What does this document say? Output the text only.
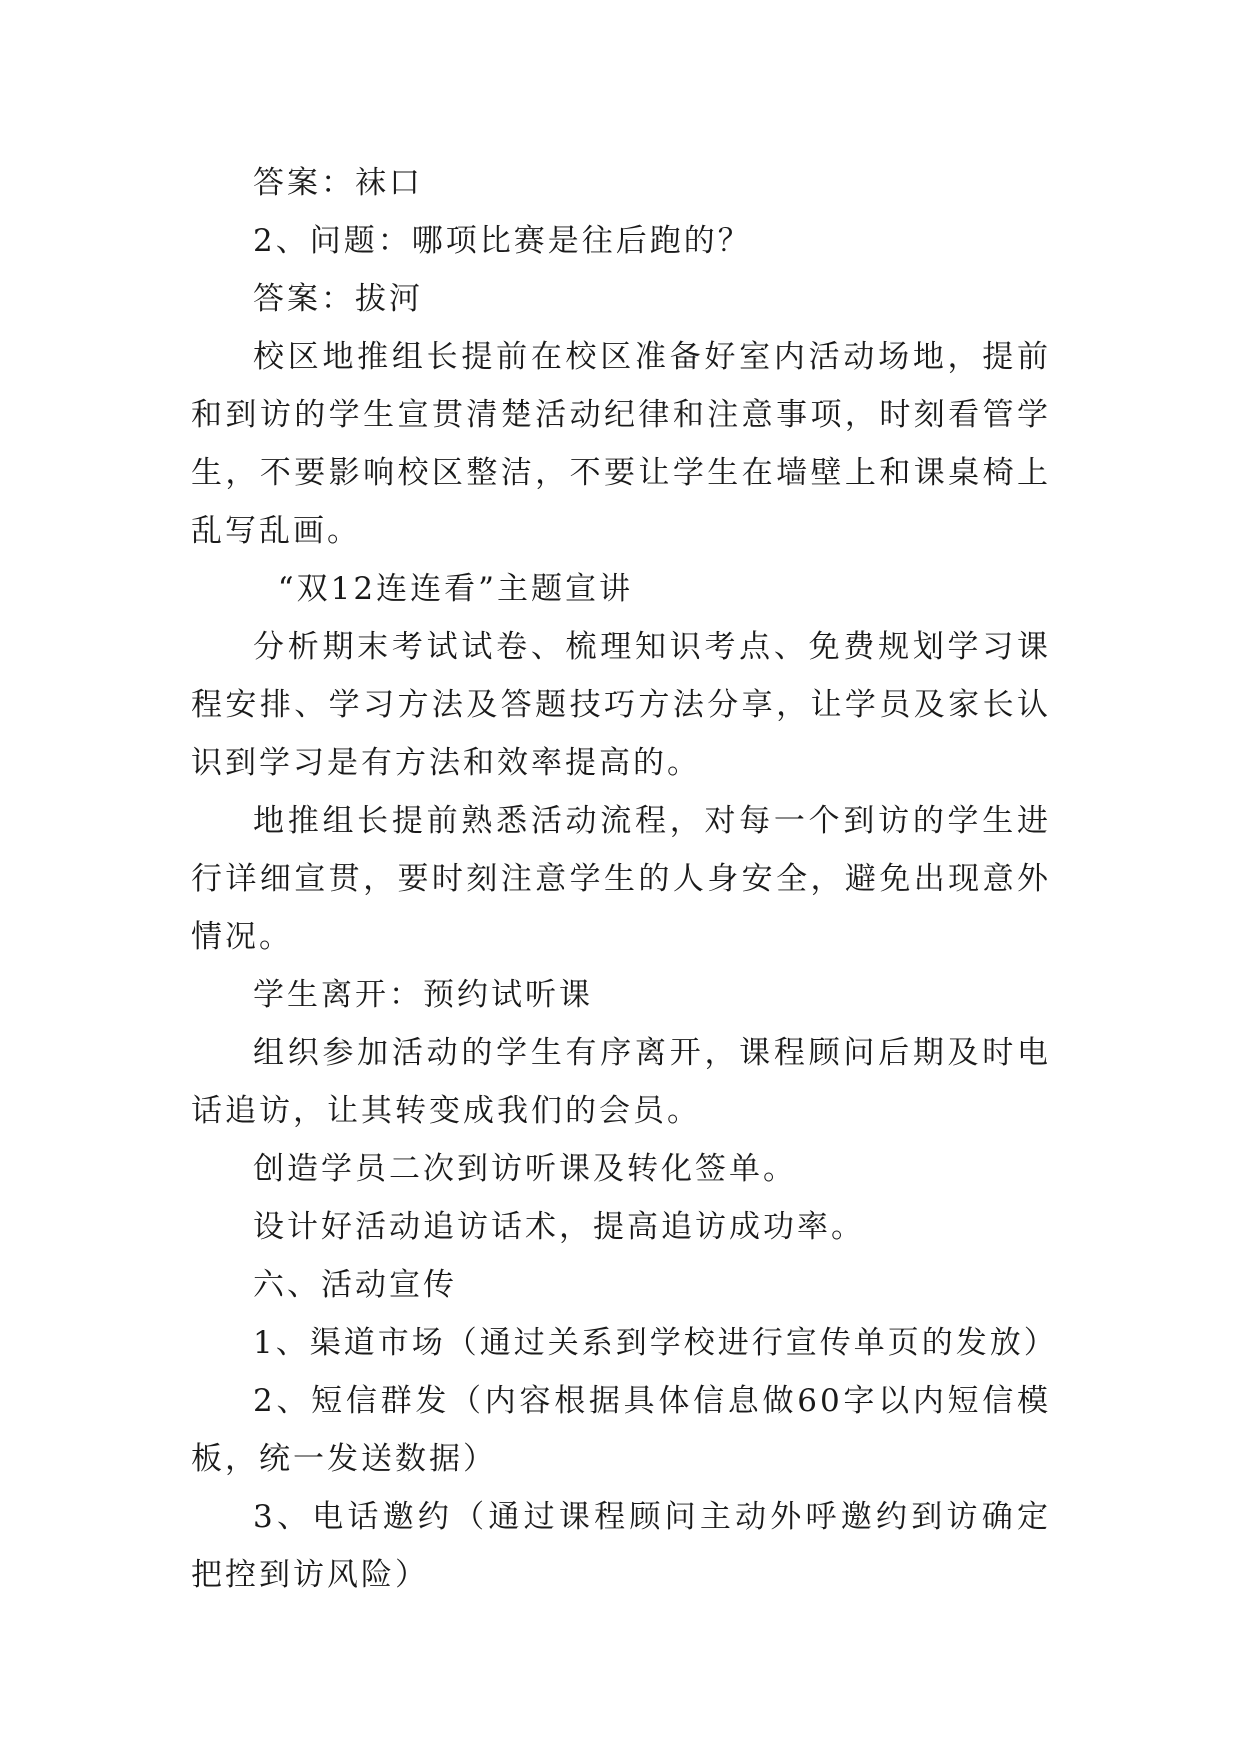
答案：袜口

2、问题：哪项比赛是往后跑的？

答案：拔河

校区地推组长提前在校区准备好室内活动场地，提前和到访的学生宣贯清楚活动纪律和注意事项，时刻看管学生，不要影响校区整洁，不要让学生在墙壁上和课桌椅上乱写乱画。

“双12连连看”主题宣讲

分析期末考试试卷、梳理知识考点、免费规划学习课程安排、学习方法及答题技巧方法分享，让学员及家长认识到学习是有方法和效率提高的。

地推组长提前熟悉活动流程，对每一个到访的学生进行详细宣贯，要时刻注意学生的人身安全，避免出现意外情况。

学生离开：预约试听课

组织参加活动的学生有序离开，课程顾问后期及时电话追访，让其转变成我们的会员。

创造学员二次到访听课及转化签单。

设计好活动追访话术，提高追访成功率。

六、活动宣传

1、渠道市场（通过关系到学校进行宣传单页的发放）

2、短信群发（内容根据具体信息做60字以内短信模板，统一发送数据）

3、电话邀约（通过课程顾问主动外呼邀约到访确定把控到访风险）
